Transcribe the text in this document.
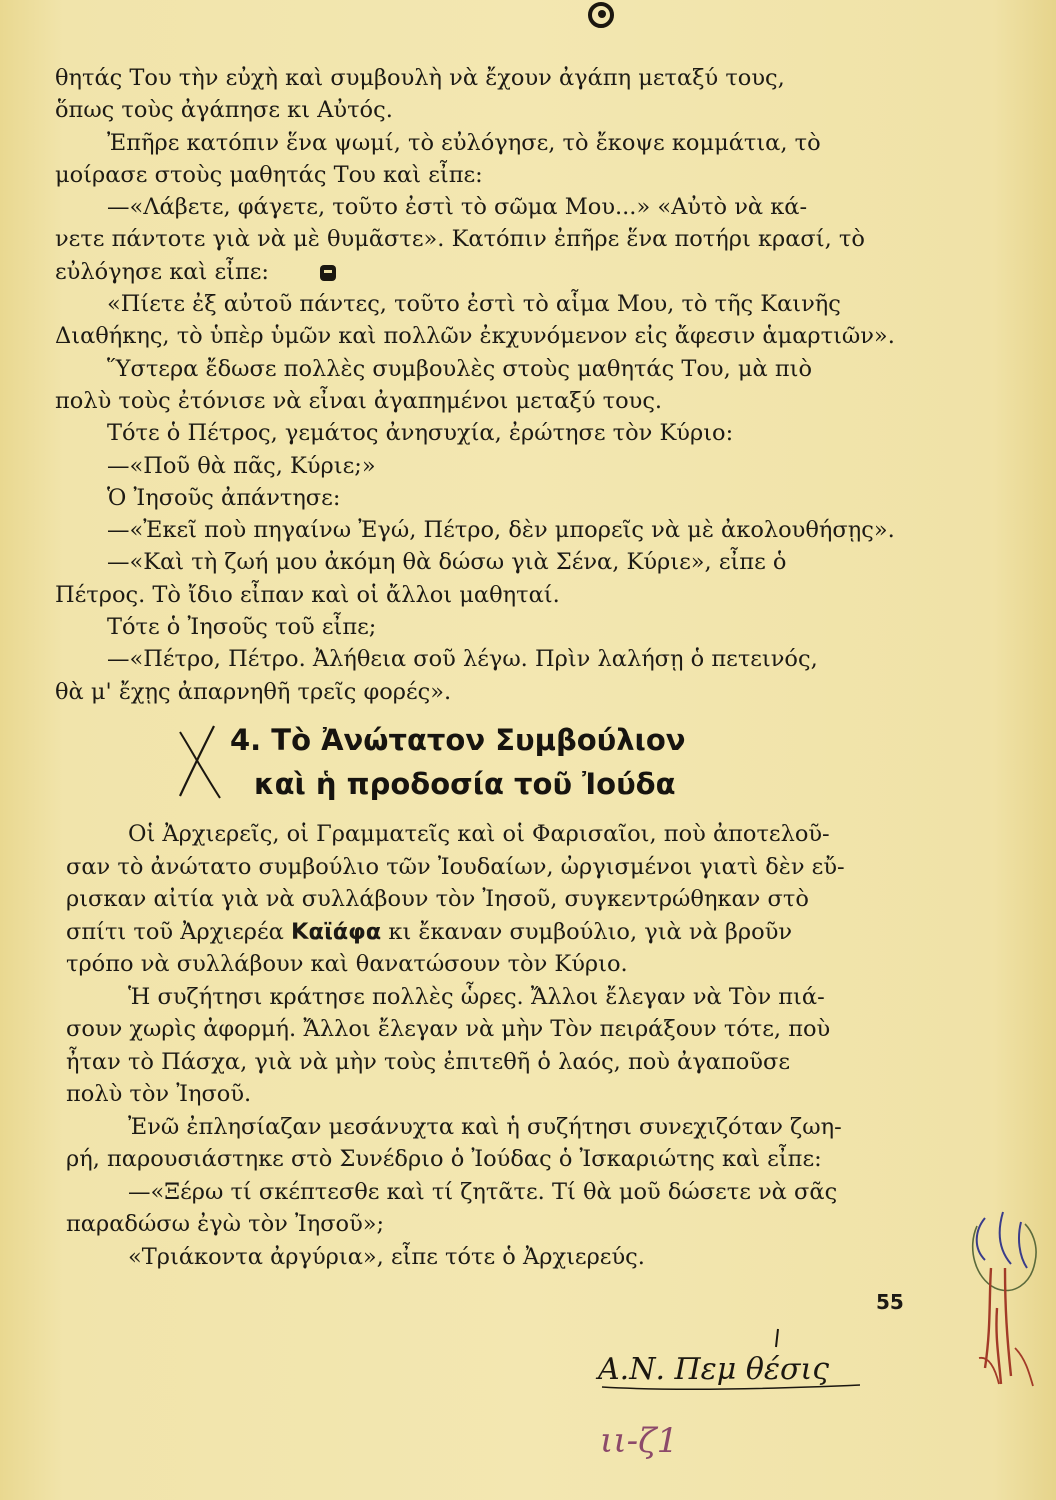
θητάς Του τὴν εὐχὴ καὶ συμβουλὴ νὰ ἔχουν ἀγάπη μεταξύ τους,
ὅπως τοὺς ἀγάπησε κι Αὐτός.
Ἐπῆρε κατόπιν ἕνα ψωμί, τὸ εὐλόγησε, τὸ ἔκοψε κομμάτια, τὸ
μοίρασε στοὺς μαθητάς Του καὶ εἶπε:
—«Λάβετε, φάγετε, τοῦτο ἐστὶ τὸ σῶμα Μου...» «Αὐτὸ νὰ κά-
νετε πάντοτε γιὰ νὰ μὲ θυμᾶστε». Κατόπιν ἐπῆρε ἕνα ποτήρι κρασί, τὸ
εὐλόγησε καὶ εἶπε:
«Πίετε ἐξ αὐτοῦ πάντες, τοῦτο ἐστὶ τὸ αἷμα Μου, τὸ τῆς Καινῆς
Διαθήκης, τὸ ὑπὲρ ὑμῶν καὶ πολλῶν ἐκχυνόμενον εἰς ἄφεσιν ἁμαρτιῶν».
Ὕστερα ἔδωσε πολλὲς συμβουλὲς στοὺς μαθητάς Του, μὰ πιὸ
πολὺ τοὺς ἐτόνισε νὰ εἶναι ἀγαπημένοι μεταξύ τους.
Τότε ὁ Πέτρος, γεμάτος ἀνησυχία, ἐρώτησε τὸν Κύριο:
—«Ποῦ θὰ πᾶς, Κύριε;»
Ὁ Ἰησοῦς ἀπάντησε:
—«Ἐκεῖ ποὺ πηγαίνω Ἐγώ, Πέτρο, δὲν μπορεῖς νὰ μὲ ἀκολουθήσῃς».
—«Καὶ τὴ ζωή μου ἀκόμη θὰ δώσω γιὰ Σένα, Κύριε», εἶπε ὁ
Πέτρος. Τὸ ἴδιο εἶπαν καὶ οἱ ἄλλοι μαθηταί.
Τότε ὁ Ἰησοῦς τοῦ εἶπε;
—«Πέτρο, Πέτρο. Ἀλήθεια σοῦ λέγω. Πρὶν λαλήσῃ ὁ πετεινός,
θὰ μ' ἔχῃς ἀπαρνηθῆ τρεῖς φορές».
4. Τὸ Ἀνώτατον Συμβούλιον
καὶ ἡ προδοσία τοῦ Ἰούδα
Οἱ Ἀρχιερεῖς, οἱ Γραμματεῖς καὶ οἱ Φαρισαῖοι, ποὺ ἀποτελοῦ-
σαν τὸ ἀνώτατο συμβούλιο τῶν Ἰουδαίων, ὠργισμένοι γιατὶ δὲν εὔ-
ρισκαν αἰτία γιὰ νὰ συλλάβουν τὸν Ἰησοῦ, συγκεντρώθηκαν στὸ
σπίτι τοῦ Ἀρχιερέα Καϊάφα κι ἔκαναν συμβούλιο, γιὰ νὰ βροῦν
τρόπο νὰ συλλάβουν καὶ θανατώσουν τὸν Κύριο.
Ἡ συζήτησι κράτησε πολλὲς ὧρες. Ἄλλοι ἔλεγαν νὰ Τὸν πιά-
σουν χωρὶς ἀφορμή. Ἄλλοι ἔλεγαν νὰ μὴν Τὸν πειράξουν τότε, ποὺ
ἦταν τὸ Πάσχα, γιὰ νὰ μὴν τοὺς ἐπιτεθῆ ὁ λαός, ποὺ ἀγαποῦσε
πολὺ τὸν Ἰησοῦ.
Ἐνῶ ἐπλησίαζαν μεσάνυχτα καὶ ἡ συζήτησι συνεχιζόταν ζωη-
ρή, παρουσιάστηκε στὸ Συνέδριο ὁ Ἰούδας ὁ Ἰσκαριώτης καὶ εἶπε:
—«Ξέρω τί σκέπτεσθε καὶ τί ζητᾶτε. Τί θὰ μοῦ δώσετε νὰ σᾶς
παραδώσω ἐγὼ τὸν Ἰησοῦ»;
«Τριάκοντα ἀργύρια», εἶπε τότε ὁ Ἀρχιερεύς.
55
Α.Ν. Πεμ θέσις
ιι-ζ1
